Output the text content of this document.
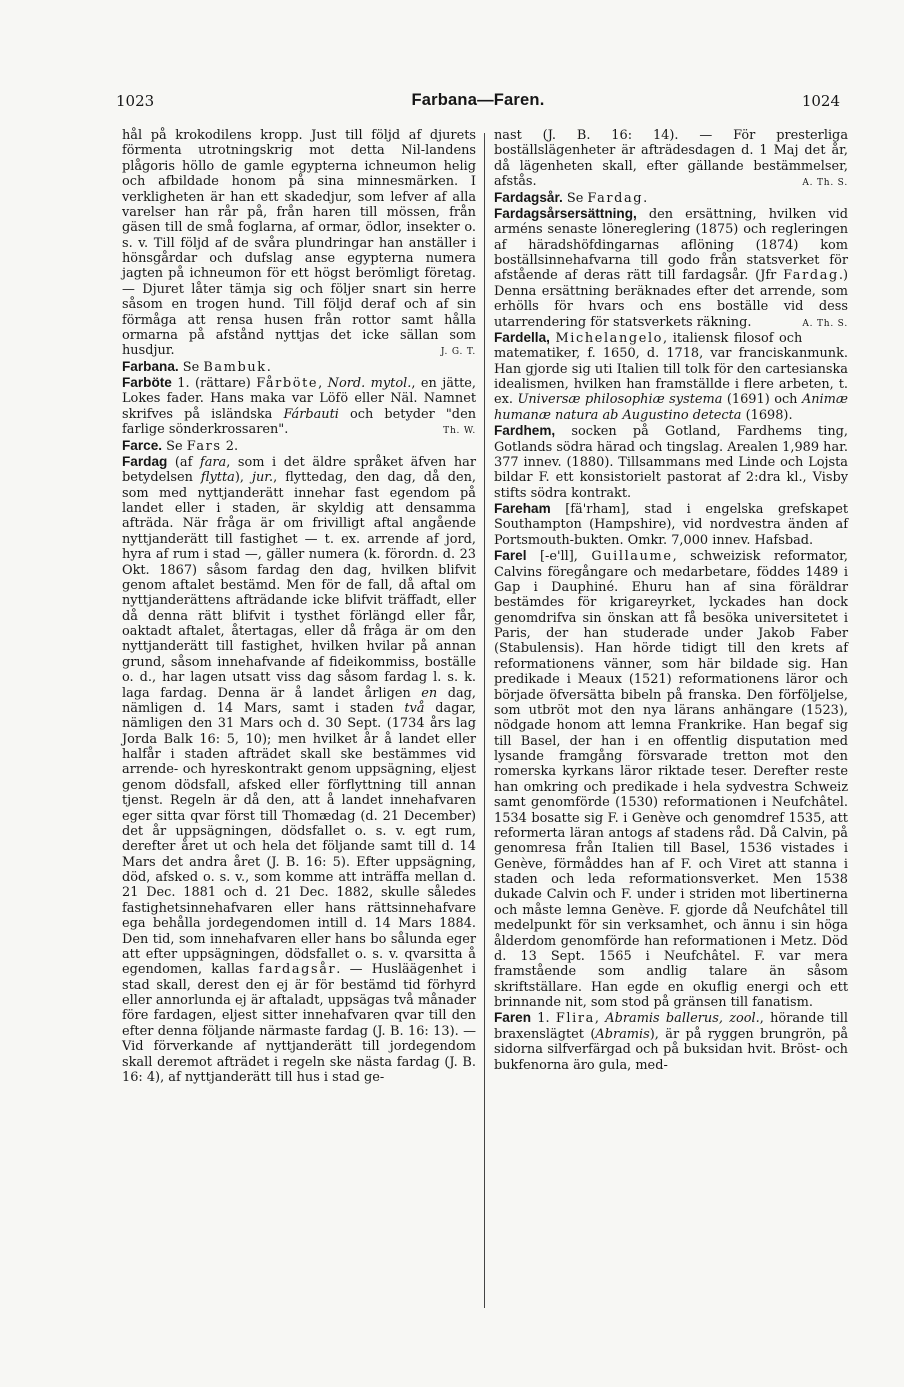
1023	Farbana—Faren.	1024

hål på krokodilens kropp. Just till följd af djurets förmenta utrotningskrig mot detta Nil-landens plågoris höllo de gamle egypterna ichneumon helig och afbildade honom på sina minnesmärken. I verkligheten är han ett skadedjur, som lefver af alla varelser han rår på, från haren till mössen, från gäsen till de små foglarna, af ormar, ödlor, insekter o. s. v. Till följd af de svåra plundringar han anställer i hönsgårdar och dufslag anse egypterna numera jagten på ichneumon för ett högst berömligt företag. — Djuret låter tämja sig och följer snart sin herre såsom en trogen hund. Till följd deraf och af sin förmåga att rensa husen från rottor samt hålla ormarna på afstånd nyttjas det icke sällan som husdjur.	J. G. T.

Farbana. Se Bambuk.

Farböte 1. (rättare) Fårböte, Nord. mytol., en jätte, Lokes fader. Hans maka var Löfö eller Näl. Namnet skrifves på isländska Fárbauti och betyder "den farlige sönderkrossaren".	Th. W.

Farce. Se Fars 2.

Fardag (af fara, som i det äldre språket äfven har betydelsen flytta), jur., flyttedag, den dag, då den, som med nyttjanderätt innehar fast egendom på landet eller i staden, är skyldig att densamma afträda. När fråga är om frivilligt aftal angående nyttjanderätt till fastighet — t. ex. arrende af jord, hyra af rum i stad —, gäller numera (k. förordn. d. 23 Okt. 1867) såsom fardag den dag, hvilken blifvit genom aftalet bestämd. Men för de fall, då aftal om nyttjanderättens afträdande icke blifvit träffadt, eller då denna rätt blifvit i tysthet förlängd eller får, oaktadt aftalet, återtagas, eller då fråga är om den nyttjanderätt till fastighet, hvilken hvilar på annan grund, såsom innehafvande af fideikommiss, boställe o. d., har lagen utsatt viss dag såsom fardag l. s. k. laga fardag. Denna är å landet årligen en dag, nämligen d. 14 Mars, samt i staden två dagar, nämligen den 31 Mars och d. 30 Sept. (1734 års lag Jorda Balk 16: 5, 10); men hvilket år å landet eller halfår i staden afträdet skall ske bestämmes vid arrende- och hyreskontrakt genom uppsägning, eljest genom dödsfall, afsked eller förflyttning till annan tjenst. Regeln är då den, att å landet innehafvaren eger sitta qvar först till Thomædag (d. 21 December) det år uppsägningen, dödsfallet o. s. v. egt rum, derefter året ut och hela det följande samt till d. 14 Mars det andra året (J. B. 16: 5). Efter uppsägning, död, afsked o. s. v., som komme att inträffa mellan d. 21 Dec. 1881 och d. 21 Dec. 1882, skulle således fastighetsinnehafvaren eller hans rättsinnehafvare ega behålla jordegendomen intill d. 14 Mars 1884. Den tid, som innehafvaren eller hans bo sålunda eger att efter uppsägningen, dödsfallet o. s. v. qvarsitta å egendomen, kallas fardagsår. — Husläägenhet i stad skall, derest den ej är för bestämd tid förhyrd eller annorlunda ej är aftaladt, uppsägas två månader före fardagen, eljest sitter innehafvaren qvar till den efter denna följande närmaste fardag (J. B. 16: 13). — Vid förverkande af nyttjanderätt till jordegendom skall deremot afträdet i regeln ske nästa fardag (J. B. 16: 4), af nyttjanderätt till hus i stad ge-

nast (J. B. 16: 14). — För presterliga boställslägenheter är afträdesdagen d. 1 Maj det år, då lägenheten skall, efter gällande bestämmelser, afstås.	A. Th. S.

Fardagsår. Se Fardag.

Fardagsårsersättning, den ersättning, hvilken vid arméns senaste lönereglering (1875) och regleringen af häradshöfdingarnas aflöning (1874) kom boställsinnehafvarna till godo från statsverket för afstående af deras rätt till fardagsår. (Jfr Fardag.) Denna ersättning beräknades efter det arrende, som erhölls för hvars och ens boställe vid dess utarrendering för statsverkets räkning.	A. Th. S.

Fardella, Michelangelo, italiensk filosof och matematiker, f. 1650, d. 1718, var franciskanmunk. Han gjorde sig uti Italien till tolk för den cartesianska idealismen, hvilken han framställde i flere arbeten, t. ex. Universæ philosophiæ systema (1691) och Animæ humanæ natura ab Augustino detecta (1698).

Fardhem, socken på Gotland, Fardhems ting, Gotlands södra härad och tingslag. Arealen 1,989 har. 377 innev. (1880). Tillsammans med Linde och Lojsta bildar F. ett konsistorielt pastorat af 2:dra kl., Visby stifts södra kontrakt.

Fareham [fä'rham], stad i engelska grefskapet Southampton (Hampshire), vid nordvestra änden af Portsmouth-bukten. Omkr. 7,000 innev. Hafsbad.

Farel [-e'll], Guillaume, schweizisk reformator, Calvins föregångare och medarbetare, föddes 1489 i Gap i Dauphiné. Ehuru han af sina föräldrar bestämdes för krigareyrket, lyckades han dock genomdrifva sin önskan att få besöka universitetet i Paris, der han studerade under Jakob Faber (Stabulensis). Han hörde tidigt till den krets af reformationens vänner, som här bildade sig. Han predikade i Meaux (1521) reformationens läror och började öfversätta bibeln på franska. Den förföljelse, som utbröt mot den nya lärans anhängare (1523), nödgade honom att lemna Frankrike. Han begaf sig till Basel, der han i en offentlig disputation med lysande framgång försvarade tretton mot den romerska kyrkans läror riktade teser. Derefter reste han omkring och predikade i hela sydvestra Schweiz samt genomförde (1530) reformationen i Neufchâtel. 1534 bosatte sig F. i Genève och genomdref 1535, att reformerta läran antogs af stadens råd. Då Calvin, på genomresa från Italien till Basel, 1536 vistades i Genève, förmåddes han af F. och Viret att stanna i staden och leda reformationsverket. Men 1538 dukade Calvin och F. under i striden mot libertinerna och måste lemna Genève. F. gjorde då Neufchâtel till medelpunkt för sin verksamhet, och ännu i sin höga ålderdom genomförde han reformationen i Metz. Död d. 13 Sept. 1565 i Neufchâtel. F. var mera framstående som andlig talare än såsom skriftställare. Han egde en okuflig energi och ett brinnande nit, som stod på gränsen till fanatism.

Faren 1. Flira, Abramis ballerus, zool., hörande till braxenslägtet (Abramis), är på ryggen brungrön, på sidorna silfverfärgad och på buksidan hvit. Bröst- och bukfenorna äro gula, med-
